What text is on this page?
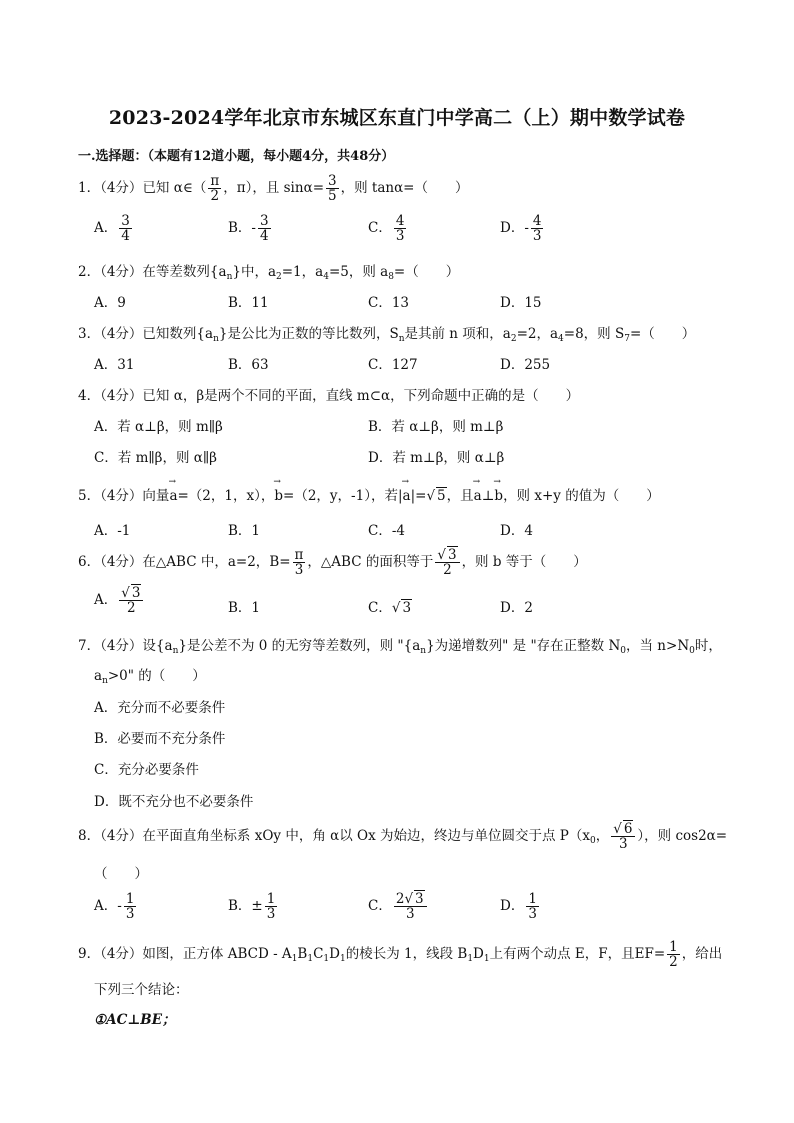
2023-2024学年北京市东城区东直门中学高二（上）期中数学试卷
一.选择题：（本题有12道小题，每小题4分，共48分）
1．（4分）已知 α∈（ $\frac{\pi}{2}$ ，π），且 $\sin\alpha= \frac{3}{5}$ ，则 tanα=（　　）
A． $\frac{3}{4}$	B．- $\frac{3}{4}$	C． $\frac{4}{3}$	D．- $\frac{4}{3}$
2．（4分）在等差数列$\{a_n\}$中，$a_2=1$，$a_4=5$，则 $a_8=$（　　）
A．9	B．11	C．13	D．15
3．（4分）已知数列$\{a_n\}$是公比为正数的等比数列，$S_n$是其前 n 项和，$a_2=2$，$a_4=8$，则 $S_7=$（　　）
A．31	B．63	C．127	D．255
4．（4分）已知 α，β是两个不同的平面，直线 m⊂α，下列命题中正确的是（　　）
A．若 α⊥β，则 m∥β	B．若 α⊥β，则 m⊥β
C．若 m∥β，则 α∥β	D．若 m⊥β，则 α⊥β
5．（4分）向量→ a=（2，1，x），→ b=（2，y，-1），若|→ a|=√ 5，且→ a⊥→ b，则 x+y 的值为（　　）
A．-1	B．1	C．-4	D．4
6．（4分）在△ABC 中，a=2，$B= \frac{\pi}{3}$ ，△ABC 的面积等于 $\frac{√ 3}{2}$ ，则 b 等于（　　）
A． $\frac{√ 3}{2}$	B．1	C．√ 3	D．2
7．（4分）设$\{a_n\}$是公差不为 0 的无穷等差数列，则 "$\{a_n\}$为递增数列" 是 "存在正整数 $N_0$，当 $n>N_0$时，
$a_n>0$" 的（　　）
A．充分而不必要条件
B．必要而不充分条件
C．充分必要条件
D．既不充分也不必要条件
8．（4分）在平面直角坐标系 xOy 中，角 α以 Ox 为始边，终边与单位圆交于点 $P(x_0$， $\frac{√ 6}{3}$ ），则 cos2α=
（　　）
A．- $\frac{1}{3}$	B．± $\frac{1}{3}$	C． $\frac{2√ 3}{3}$	D． $\frac{1}{3}$
9．（4分）如图，正方体 ABCD - $A_1B_1C_1D_1$的棱长为 1，线段 $B_1D_1$上有两个动点 E，F，且$EF= \frac{1}{2}$ ，给出
下列三个结论：
①AC⊥BE；
